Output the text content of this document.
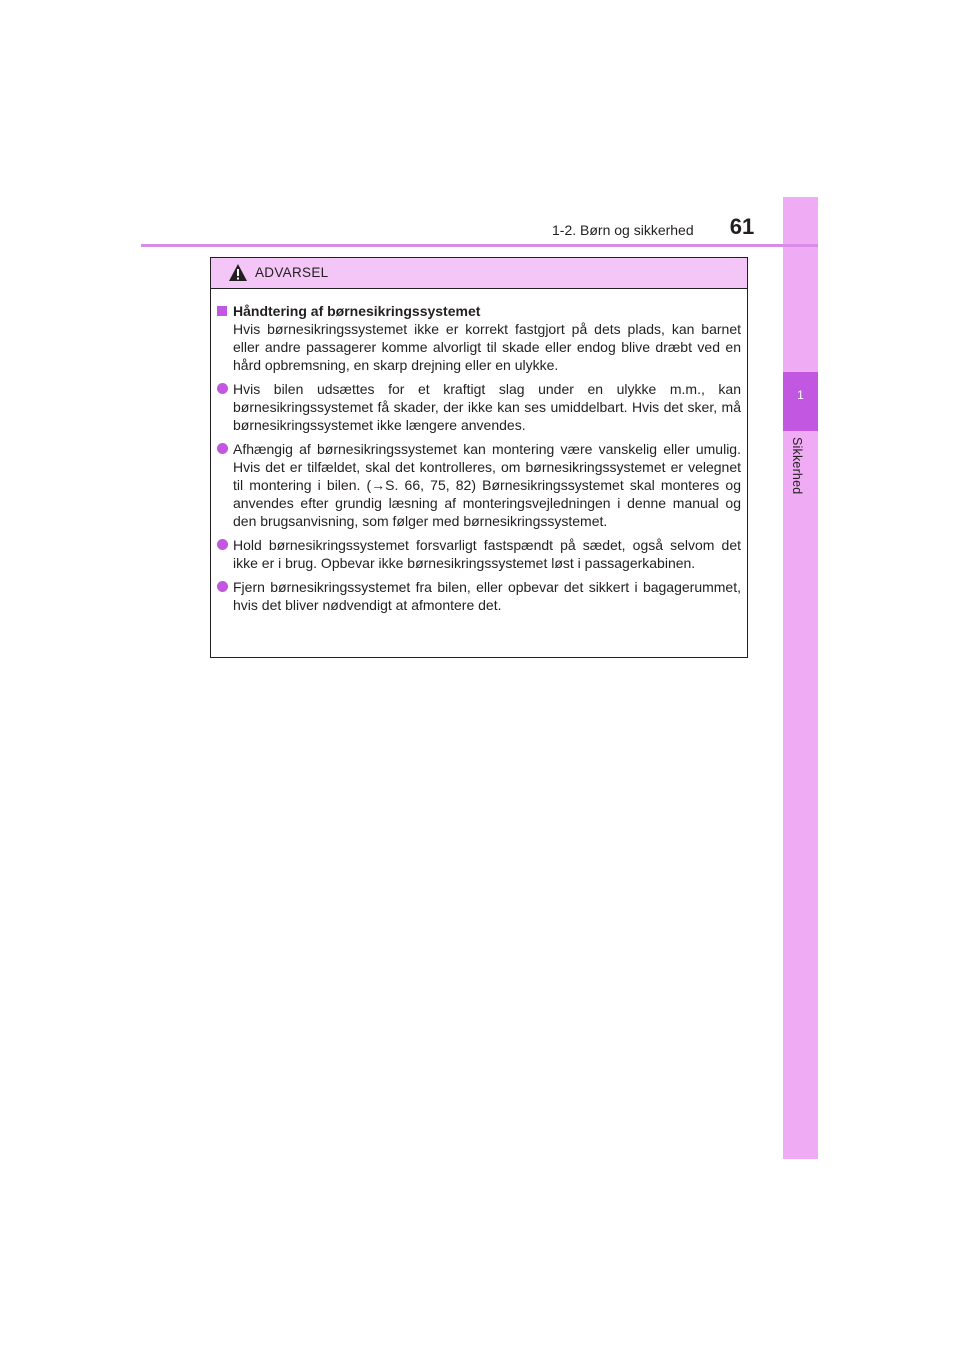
1
Sikkerhed
1-2. Børn og sikkerhed	61
ADVARSEL
Håndtering af børnesikringssystemet
Hvis børnesikringssystemet ikke er korrekt fastgjort på dets plads, kan barnet eller andre passagerer komme alvorligt til skade eller endog blive dræbt ved en hård opbremsning, en skarp drejning eller en ulykke.
Hvis bilen udsættes for et kraftigt slag under en ulykke m.m., kan børnesikringssystemet få skader, der ikke kan ses umiddelbart. Hvis det sker, må børnesikringssystemet ikke længere anvendes.
Afhængig af børnesikringssystemet kan montering være vanskelig eller umulig. Hvis det er tilfældet, skal det kontrolleres, om børnesikringssystemet er velegnet til montering i bilen. (→S. 66, 75, 82) Børnesikringssystemet skal monteres og anvendes efter grundig læsning af monteringsvejledningen i denne manual og den brugsanvisning, som følger med børnesikringssystemet.
Hold børnesikringssystemet forsvarligt fastspændt på sædet, også selvom det ikke er i brug. Opbevar ikke børnesikringssystemet løst i passagerkabinen.
Fjern børnesikringssystemet fra bilen, eller opbevar det sikkert i bagagerummet, hvis det bliver nødvendigt at afmontere det.
